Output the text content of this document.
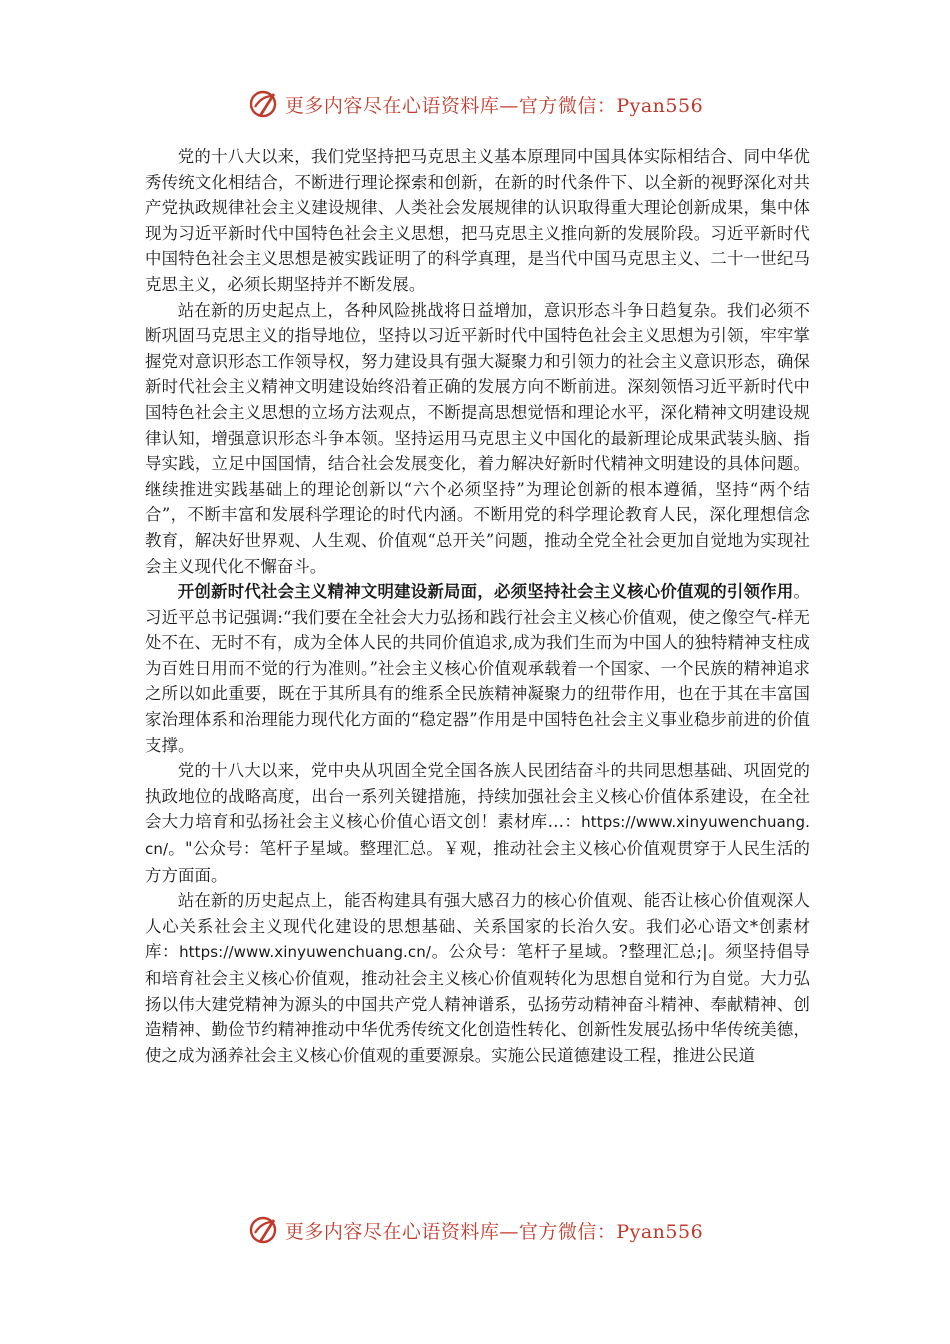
更多内容尽在心语资料库—官方微信：Pyan556

党的十八大以来，我们党坚持把马克思主义基本原理同中国具体实际相结合、同中华优秀传统文化相结合，不断进行理论探索和创新，在新的时代条件下、以全新的视野深化对共产党执政规律社会主义建设规律、人类社会发展规律的认识取得重大理论创新成果，集中体现为习近平新时代中国特色社会主义思想，把马克思主义推向新的发展阶段。习近平新时代中国特色社会主义思想是被实践证明了的科学真理，是当代中国马克思主义、二十一世纪马克思主义，必须长期坚持并不断发展。

站在新的历史起点上，各种风险挑战将日益增加，意识形态斗争日趋复杂。我们必须不断巩固马克思主义的指导地位，坚持以习近平新时代中国特色社会主义思想为引领，牢牢掌握党对意识形态工作领导权，努力建设具有强大凝聚力和引领力的社会主义意识形态，确保新时代社会主义精神文明建设始终沿着正确的发展方向不断前进。深刻领悟习近平新时代中国特色社会主义思想的立场方法观点，不断提高思想觉悟和理论水平，深化精神文明建设规律认知，增强意识形态斗争本领。坚持运用马克思主义中国化的最新理论成果武装头脑、指导实践，立足中国国情，结合社会发展变化，着力解决好新时代精神文明建设的具体问题。继续推进实践基础上的理论创新以“六个必须坚持”为理论创新的根本遵循，坚持“两个结合”，不断丰富和发展科学理论的时代内涵。不断用党的科学理论教育人民，深化理想信念教育，解决好世界观、人生观、价值观“总开关”问题，推动全党全社会更加自觉地为实现社会主义现代化不懈奋斗。

开创新时代社会主义精神文明建设新局面，必须坚持社会主义核心价值观的引领作用。习近平总书记强调:“我们要在全社会大力弘扬和践行社会主义核心价值观，使之像空气-样无处不在、无时不有，成为全体人民的共同价值追求,成为我们生而为中国人的独特精神支柱成为百姓日用而不觉的行为准则。”社会主义核心价值观承载着一个国家、一个民族的精神追求之所以如此重要，既在于其所具有的维系全民族精神凝聚力的纽带作用，也在于其在丰富国家治理体系和治理能力现代化方面的“稳定器”作用是中国特色社会主义事业稳步前进的价值支撑。

党的十八大以来，党中央从巩固全党全国各族人民团结奋斗的共同思想基础、巩固党的执政地位的战略高度，出台一系列关键措施，持续加强社会主义核心价值体系建设，在全社会大力培育和弘扬社会主义核心价值心语文创！素材库…：https://www.xinyuwenchuang.cn/。"公众号：笔杆子星域。整理汇总。￥观，推动社会主义核心价值观贯穿于人民生活的方方面面。

站在新的历史起点上，能否构建具有强大感召力的核心价值观、能否让核心价值观深人人心关系社会主义现代化建设的思想基础、关系国家的长治久安。我们必心语文*创素材库：https://www.xinyuwenchuang.cn/。公众号：笔杆子星域。?整理汇总;|。须坚持倡导和培育社会主义核心价值观，推动社会主义核心价值观转化为思想自觉和行为自觉。大力弘扬以伟大建党精神为源头的中国共产党人精神谱系，弘扬劳动精神奋斗精神、奉献精神、创造精神、勤俭节约精神推动中华优秀传统文化创造性转化、创新性发展弘扬中华传统美德，使之成为涵养社会主义核心价值观的重要源泉。实施公民道德建设工程，推进公民道

更多内容尽在心语资料库—官方微信：Pyan556
